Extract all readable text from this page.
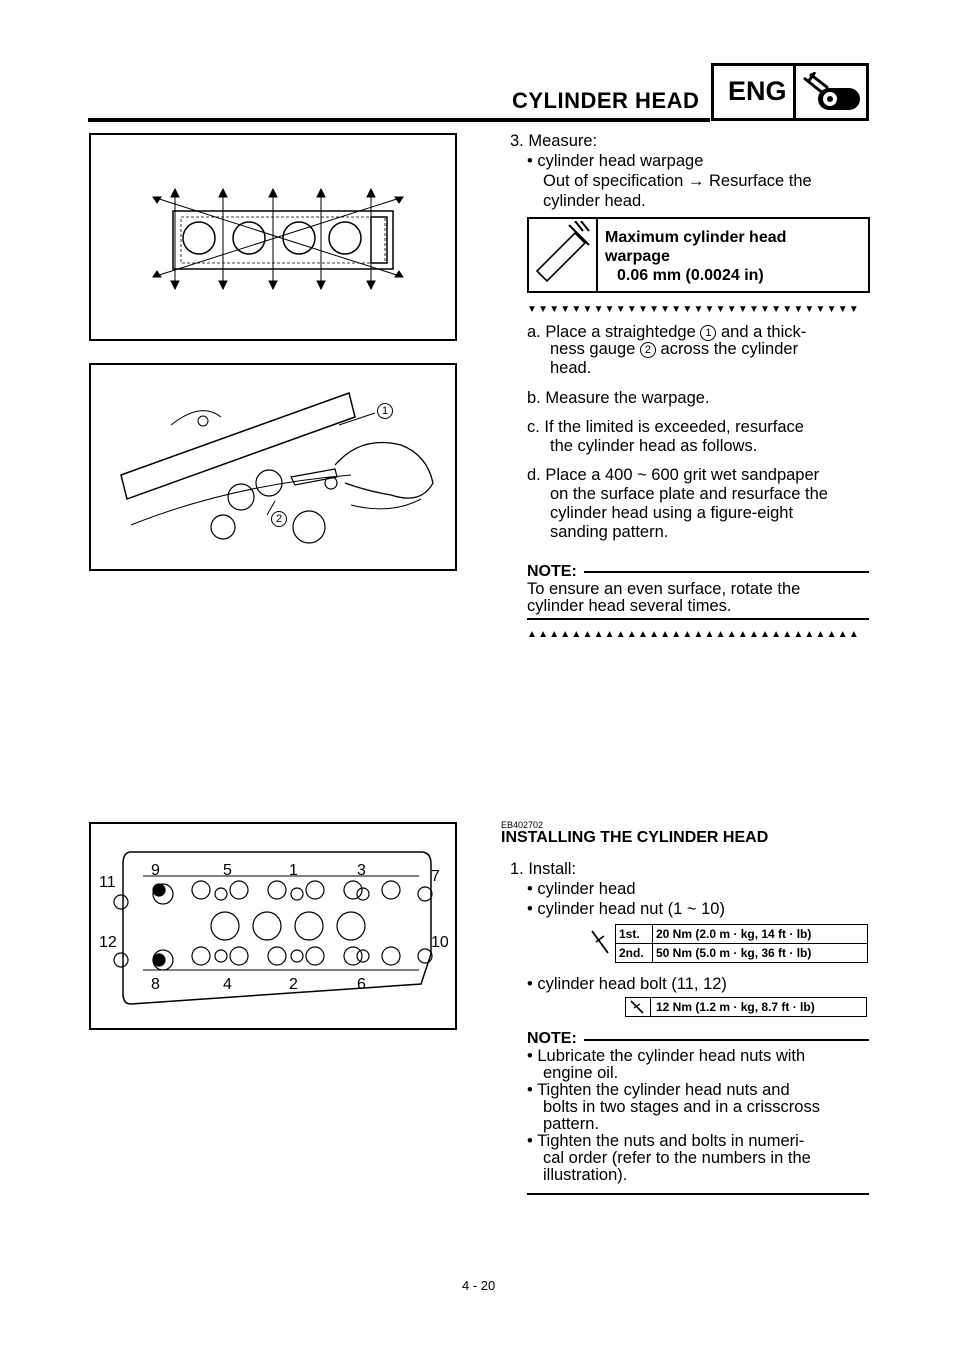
CYLINDER HEAD ENG
1
2
3. Measure:
• cylinder head warpage
Out of specification → Resurface the
cylinder head.
Maximum cylinder head
warpage
0.06 mm (0.0024 in)
▼▼▼▼▼▼▼▼▼▼▼▼▼▼▼▼▼▼▼▼▼▼▼▼▼▼▼▼▼▼
a. Place a straightedge 1 and a thick-
ness gauge 2 across the cylinder
head.
b. Measure the warpage.
c. If the limited is exceeded, resurface
the cylinder head as follows.
d. Place a 400 ~ 600 grit wet sandpaper
on the surface plate and resurface the
cylinder head using a figure-eight
sanding pattern.
NOTE:
To ensure an even surface, rotate the
cylinder head several times.
▲▲▲▲▲▲▲▲▲▲▲▲▲▲▲▲▲▲▲▲▲▲▲▲▲▲▲▲▲▲
9	5	1	3	7
11
12	10
8	4	2	6
EB402702
INSTALLING THE CYLINDER HEAD
1. Install:
• cylinder head
• cylinder head nut (1 ~ 10)
1st.	20 Nm (2.0 m · kg, 14 ft · lb)
2nd.	50 Nm (5.0 m · kg, 36 ft · lb)
• cylinder head bolt (11, 12)
12 Nm (1.2 m · kg, 8.7 ft · lb)
NOTE:
• Lubricate the cylinder head nuts with
engine oil.
• Tighten the cylinder head nuts and
bolts in two stages and in a crisscross
pattern.
• Tighten the nuts and bolts in numeri-
cal order (refer to the numbers in the
illustration).
4 - 20
